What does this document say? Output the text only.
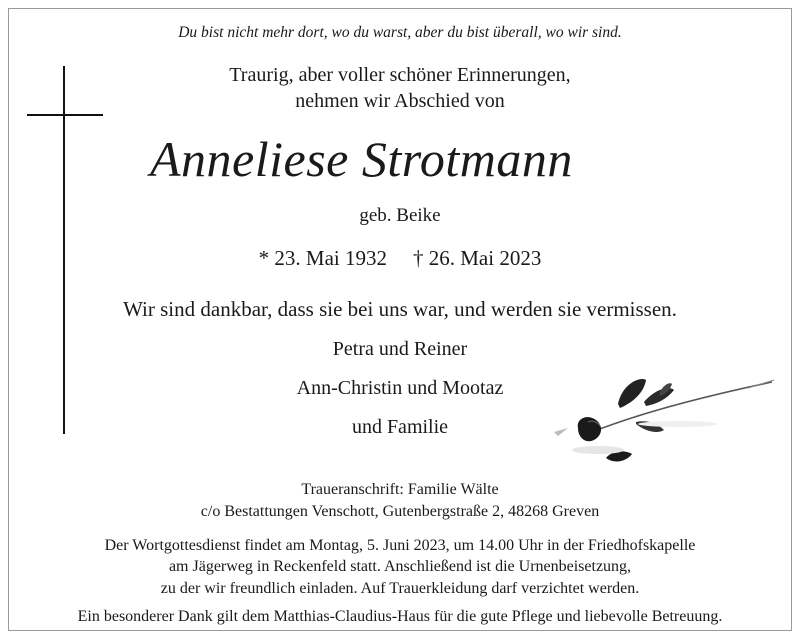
Du bist nicht mehr dort, wo du warst, aber du bist überall, wo wir sind.
Traurig, aber voller schöner Erinnerungen,
nehmen wir Abschied von
Anneliese Strotmann
geb. Beike
* 23. Mai 1932 † 26. Mai 2023
Wir sind dankbar, dass sie bei uns war, und werden sie vermissen.
Petra und Reiner
Ann-Christin und Mootaz
und Familie
Traueranschrift: Familie Wälte
c/o Bestattungen Venschott, Gutenbergstraße 2, 48268 Greven
Der Wortgottesdienst findet am Montag, 5. Juni 2023, um 14.00 Uhr in der Friedhofskapelle
am Jägerweg in Reckenfeld statt. Anschließend ist die Urnenbeisetzung,
zu der wir freundlich einladen. Auf Trauerkleidung darf verzichtet werden.
Ein besonderer Dank gilt dem Matthias-Claudius-Haus für die gute Pflege und liebevolle Betreuung.
